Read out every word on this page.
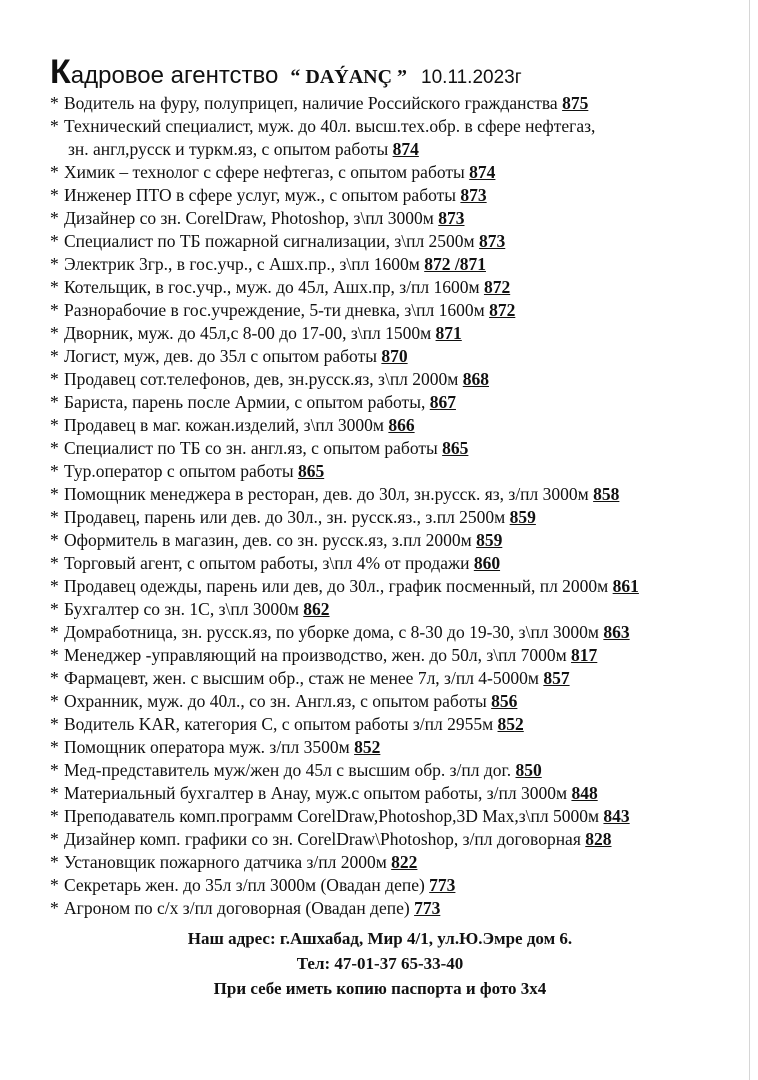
Кадровое агентство “ DAÝANÇ ” 10.11.2023г
* Водитель на фуру, полуприцеп, наличие Российского гражданства 875
* Технический специалист, муж. до 40л. высш.тех.обр. в сфере нефтегаз,
зн. англ,русск и туркм.яз, с опытом работы 874
* Химик – технолог с сфере нефтегаз, с опытом работы 874
* Инженер ПТО в сфере услуг, муж., с опытом работы 873
* Дизайнер со зн. CorelDraw, Photoshop, з\пл 3000м 873
* Специалист по ТБ пожарной сигнализации, з\пл 2500м 873
* Электрик 3гр., в гос.учр., с Ашх.пр., з\пл 1600м 872 /871
* Котельщик, в гос.учр., муж. до 45л, Ашх.пр, з/пл 1600м 872
* Разнорабочие в гос.учреждение, 5-ти дневка, з\пл 1600м 872
* Дворник, муж. до 45л,с 8-00 до 17-00, з\пл 1500м 871
* Логист, муж, дев. до 35л с опытом работы 870
* Продавец сот.телефонов, дев, зн.русск.яз, з\пл 2000м 868
* Бариста, парень после Армии, с опытом работы, 867
* Продавец в маг. кожан.изделий, з\пл 3000м 866
* Специалист по ТБ со зн. англ.яз, с опытом работы 865
* Тур.оператор с опытом работы 865
* Помощник менеджера в ресторан, дев. до 30л, зн.русск. яз, з/пл 3000м 858
* Продавец, парень или дев. до 30л., зн. русск.яз., з.пл 2500м 859
* Оформитель в магазин, дев. со зн. русск.яз, з.пл 2000м 859
* Торговый агент, с опытом работы, з\пл 4% от продажи 860
* Продавец одежды, парень или дев, до 30л., график посменный, пл 2000м 861
* Бухгалтер со зн. 1С, з\пл 3000м 862
* Домработница, зн. русск.яз, по уборке дома, с 8-30 до 19-30, з\пл 3000м 863
* Менеджер -управляющий на производство, жен. до 50л, з\пл 7000м 817
* Фармацевт, жен. с высшим обр., стаж не менее 7л, з/пл 4-5000м 857
* Охранник, муж. до 40л., со зн. Англ.яз, с опытом работы 856
* Водитель KAR, категория С, с опытом работы з/пл 2955м 852
* Помощник оператора муж. з/пл 3500м 852
* Мед-представитель муж/жен до 45л с высшим обр. з/пл дог. 850
* Материальный бухгалтер в Анау, муж.с опытом работы, з/пл 3000м 848
* Преподаватель комп.программ CorelDraw,Photoshop,3D Max,з\пл 5000м 843
* Дизайнер комп. графики со зн. CorelDraw\Photoshop, з/пл договорная 828
* Установщик пожарного датчика з/пл 2000м 822
* Секретарь жен. до 35л з/пл 3000м (Овадан депе) 773
* Агроном по с/х з/пл договорная (Овадан депе) 773
Наш адрес: г.Ашхабад, Мир 4/1, ул.Ю.Эмре дом 6.
Тел: 47-01-37 65-33-40
При себе иметь копию паспорта и фото 3х4
